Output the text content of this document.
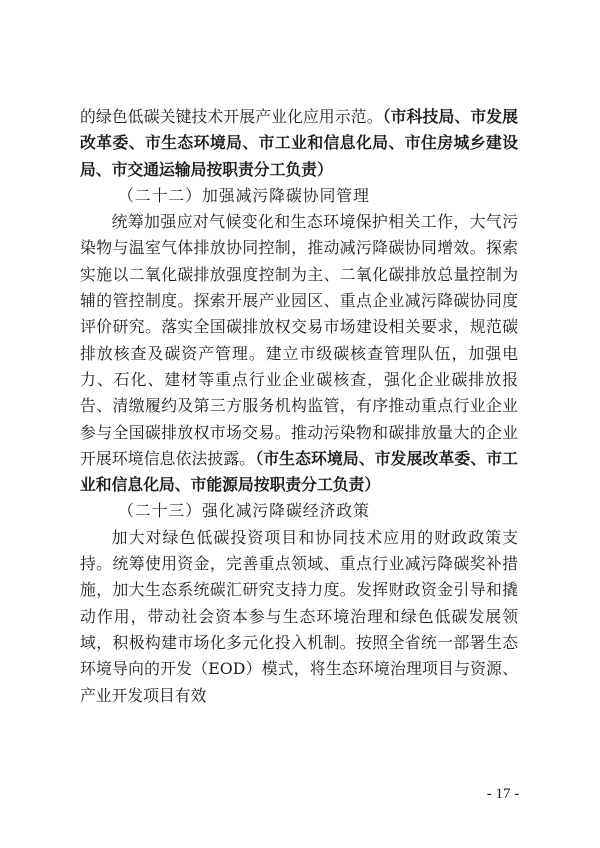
的绿色低碳关键技术开展产业化应用示范。（市科技局、市发展改革委、市生态环境局、市工业和信息化局、市住房城乡建设局、市交通运输局按职责分工负责）

（二十二）加强减污降碳协同管理

统筹加强应对气候变化和生态环境保护相关工作，大气污染物与温室气体排放协同控制，推动减污降碳协同增效。探索实施以二氧化碳排放强度控制为主、二氧化碳排放总量控制为辅的管控制度。探索开展产业园区、重点企业减污降碳协同度评价研究。落实全国碳排放权交易市场建设相关要求，规范碳排放核查及碳资产管理。建立市级碳核查管理队伍，加强电力、石化、建材等重点行业企业碳核查，强化企业碳排放报告、清缴履约及第三方服务机构监管，有序推动重点行业企业参与全国碳排放权市场交易。推动污染物和碳排放量大的企业开展环境信息依法披露。（市生态环境局、市发展改革委、市工业和信息化局、市能源局按职责分工负责）

（二十三）强化减污降碳经济政策

加大对绿色低碳投资项目和协同技术应用的财政政策支持。统筹使用资金，完善重点领域、重点行业减污降碳奖补措施，加大生态系统碳汇研究支持力度。发挥财政资金引导和撬动作用，带动社会资本参与生态环境治理和绿色低碳发展领域，积极构建市场化多元化投入机制。按照全省统一部署生态环境导向的开发（EOD）模式，将生态环境治理项目与资源、产业开发项目有效

- 17 -
